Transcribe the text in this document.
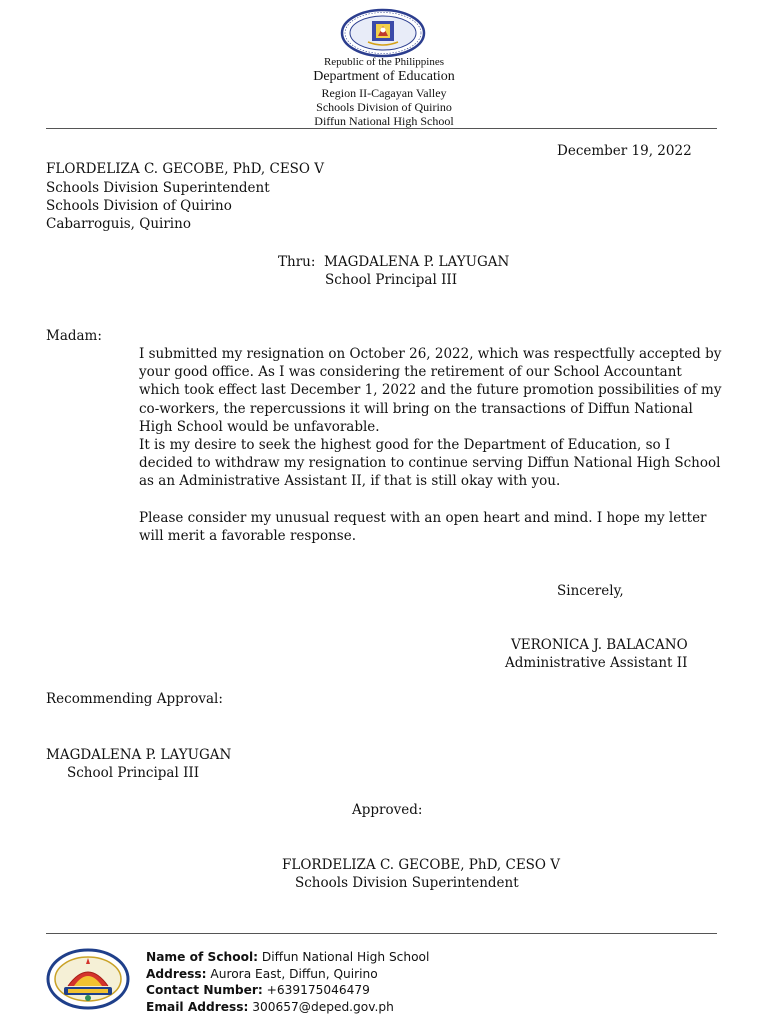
Republic of the Philippines
Department of Education
Region II-Cagayan Valley
Schools Division of Quirino
Diffun National High School
December 19, 2022
FLORDELIZA C. GECOBE, PhD, CESO V
Schools Division Superintendent
Schools Division of Quirino
Cabarroguis, Quirino
Thru: MAGDALENA P. LAYUGAN
School Principal III
Madam:

I submitted my resignation on October 26, 2022, which was respectfully accepted by your good office. As I was considering the retirement of our School Accountant which took effect last December 1, 2022 and the future promotion possibilities of my co-workers, the repercussions it will bring on the transactions of Diffun National High School would be unfavorable.

It is my desire to seek the highest good for the Department of Education, so I decided to withdraw my resignation to continue serving Diffun National High School as an Administrative Assistant II, if that is still okay with you.

Please consider my unusual request with an open heart and mind. I hope my letter will merit a favorable response.

Sincerely,
VERONICA J. BALACANO
Administrative Assistant II
Recommending Approval:
MAGDALENA P. LAYUGAN
School Principal III
Approved:
FLORDELIZA C. GECOBE, PhD, CESO V
Schools Division Superintendent
Name of School: Diffun National High School
Address: Aurora East, Diffun, Quirino
Contact Number: +639175046479
Email Address: 300657@deped.gov.ph
